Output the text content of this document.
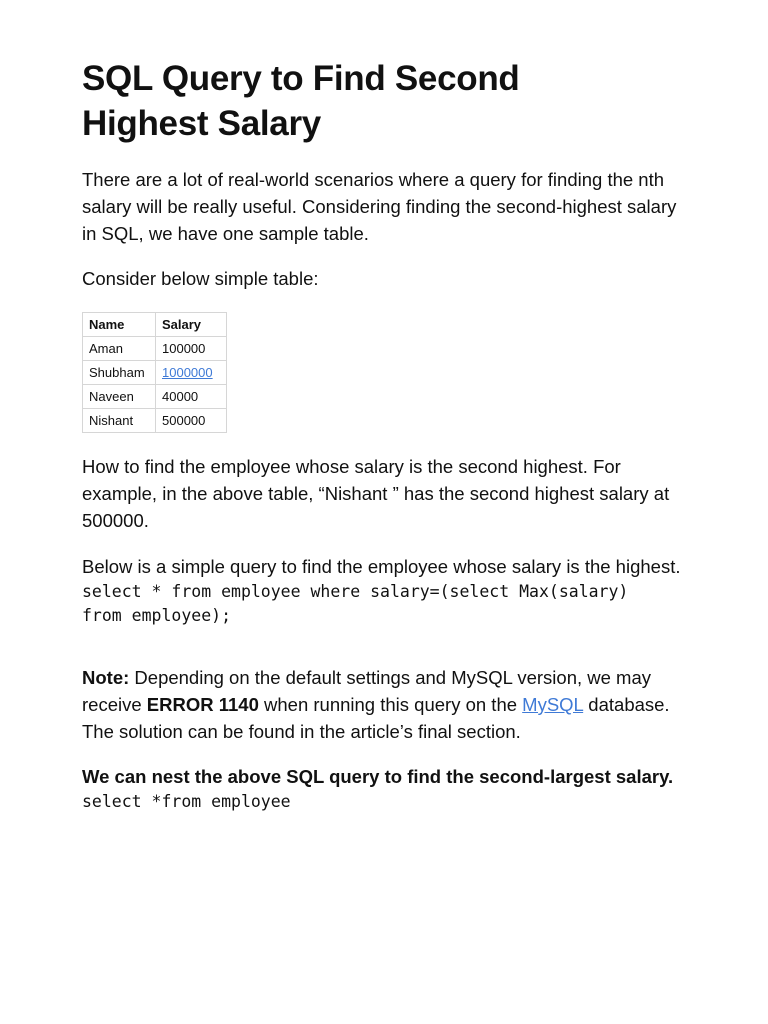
SQL Query to Find Second
Highest Salary

There are a lot of real-world scenarios where a query for finding the nth salary will be really useful. Considering finding the second-highest salary in SQL, we have one sample table.

Consider below simple table:

Name	Salary
Aman	100000
Shubham	1000000
Naveen	40000
Nishant	500000

How to find the employee whose salary is the second highest. For example, in the above table, “Nishant ” has the second highest salary at 500000.

Below is a simple query to find the employee whose salary is the highest.

select * from employee where salary=(select Max(salary)
from employee);

Note: Depending on the default settings and MySQL version, we may receive ERROR 1140 when running this query on the MySQL database. The solution can be found in the article’s final section.

We can nest the above SQL query to find the second-largest salary.

select *from employee
